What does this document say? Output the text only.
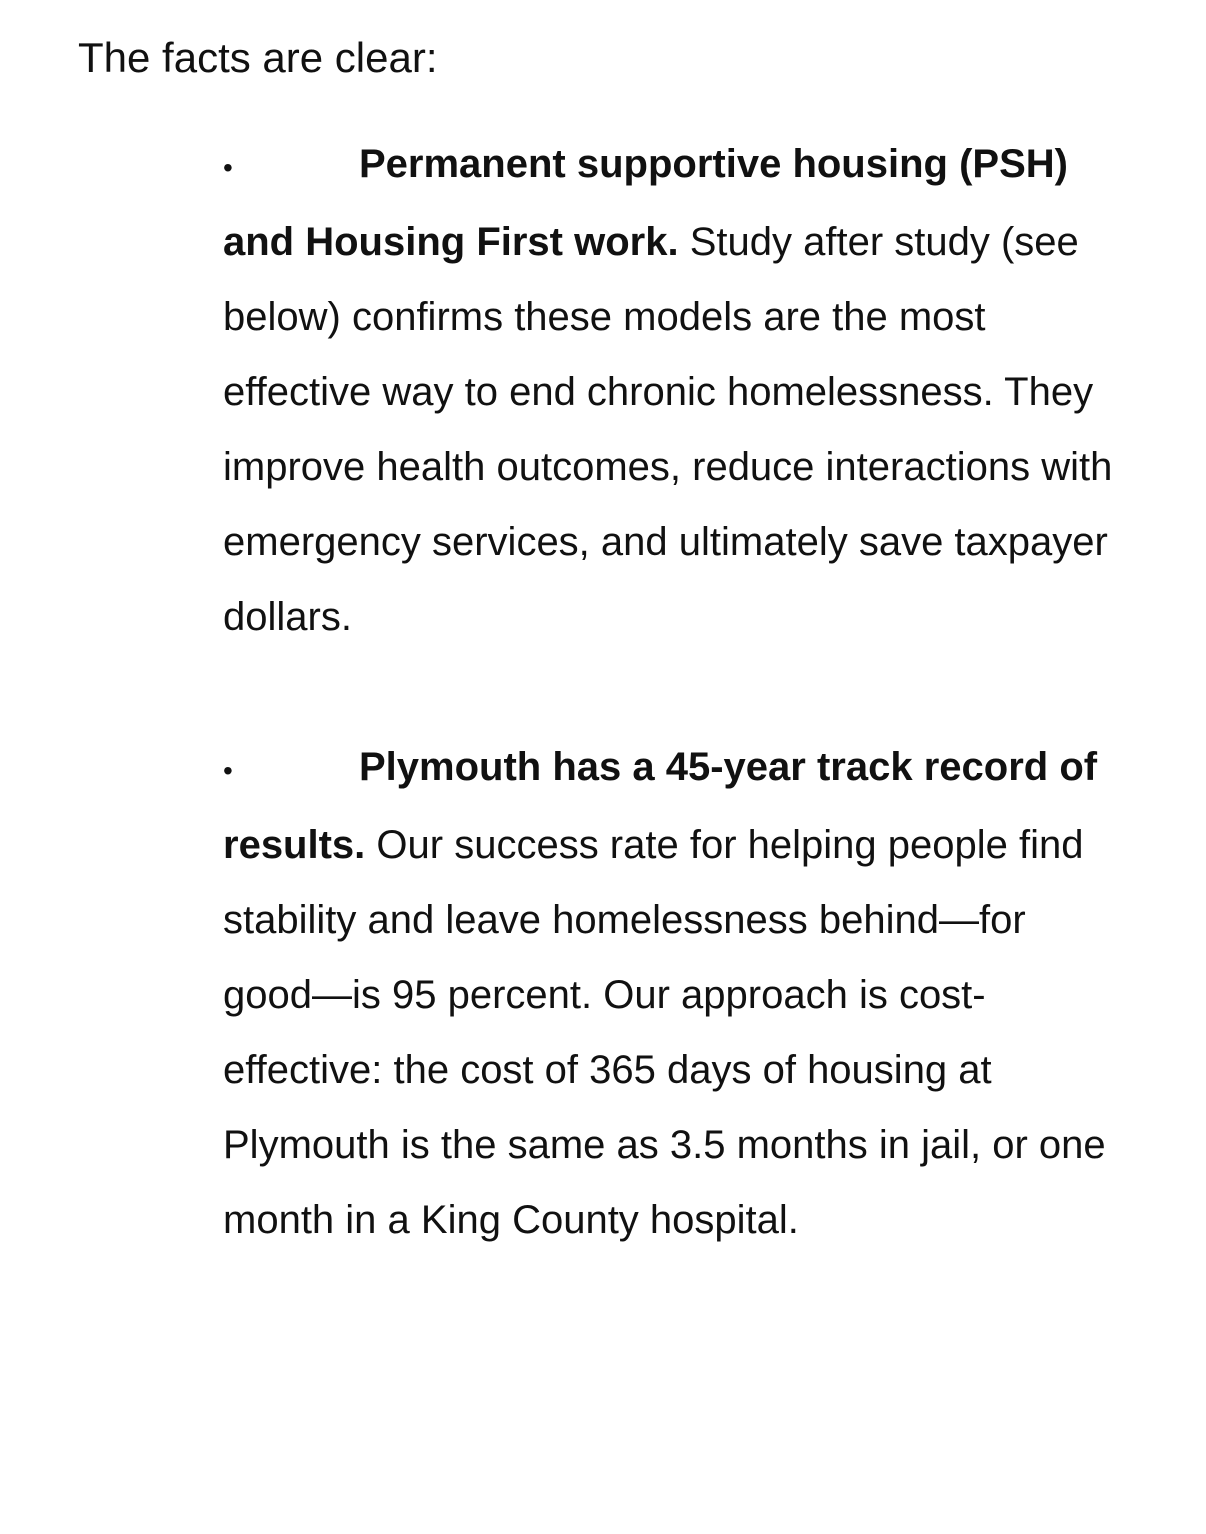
The facts are clear:

•	Permanent supportive housing (PSH) and Housing First work. Study after study (see below) confirms these models are the most effective way to end chronic homelessness. They improve health outcomes, reduce interactions with emergency services, and ultimately save taxpayer dollars.
•	Plymouth has a 45-year track record of results. Our success rate for helping people find stability and leave homelessness behind—for good—is 95 percent. Our approach is cost-effective: the cost of 365 days of housing at Plymouth is the same as 3.5 months in jail, or one month in a King County hospital.
